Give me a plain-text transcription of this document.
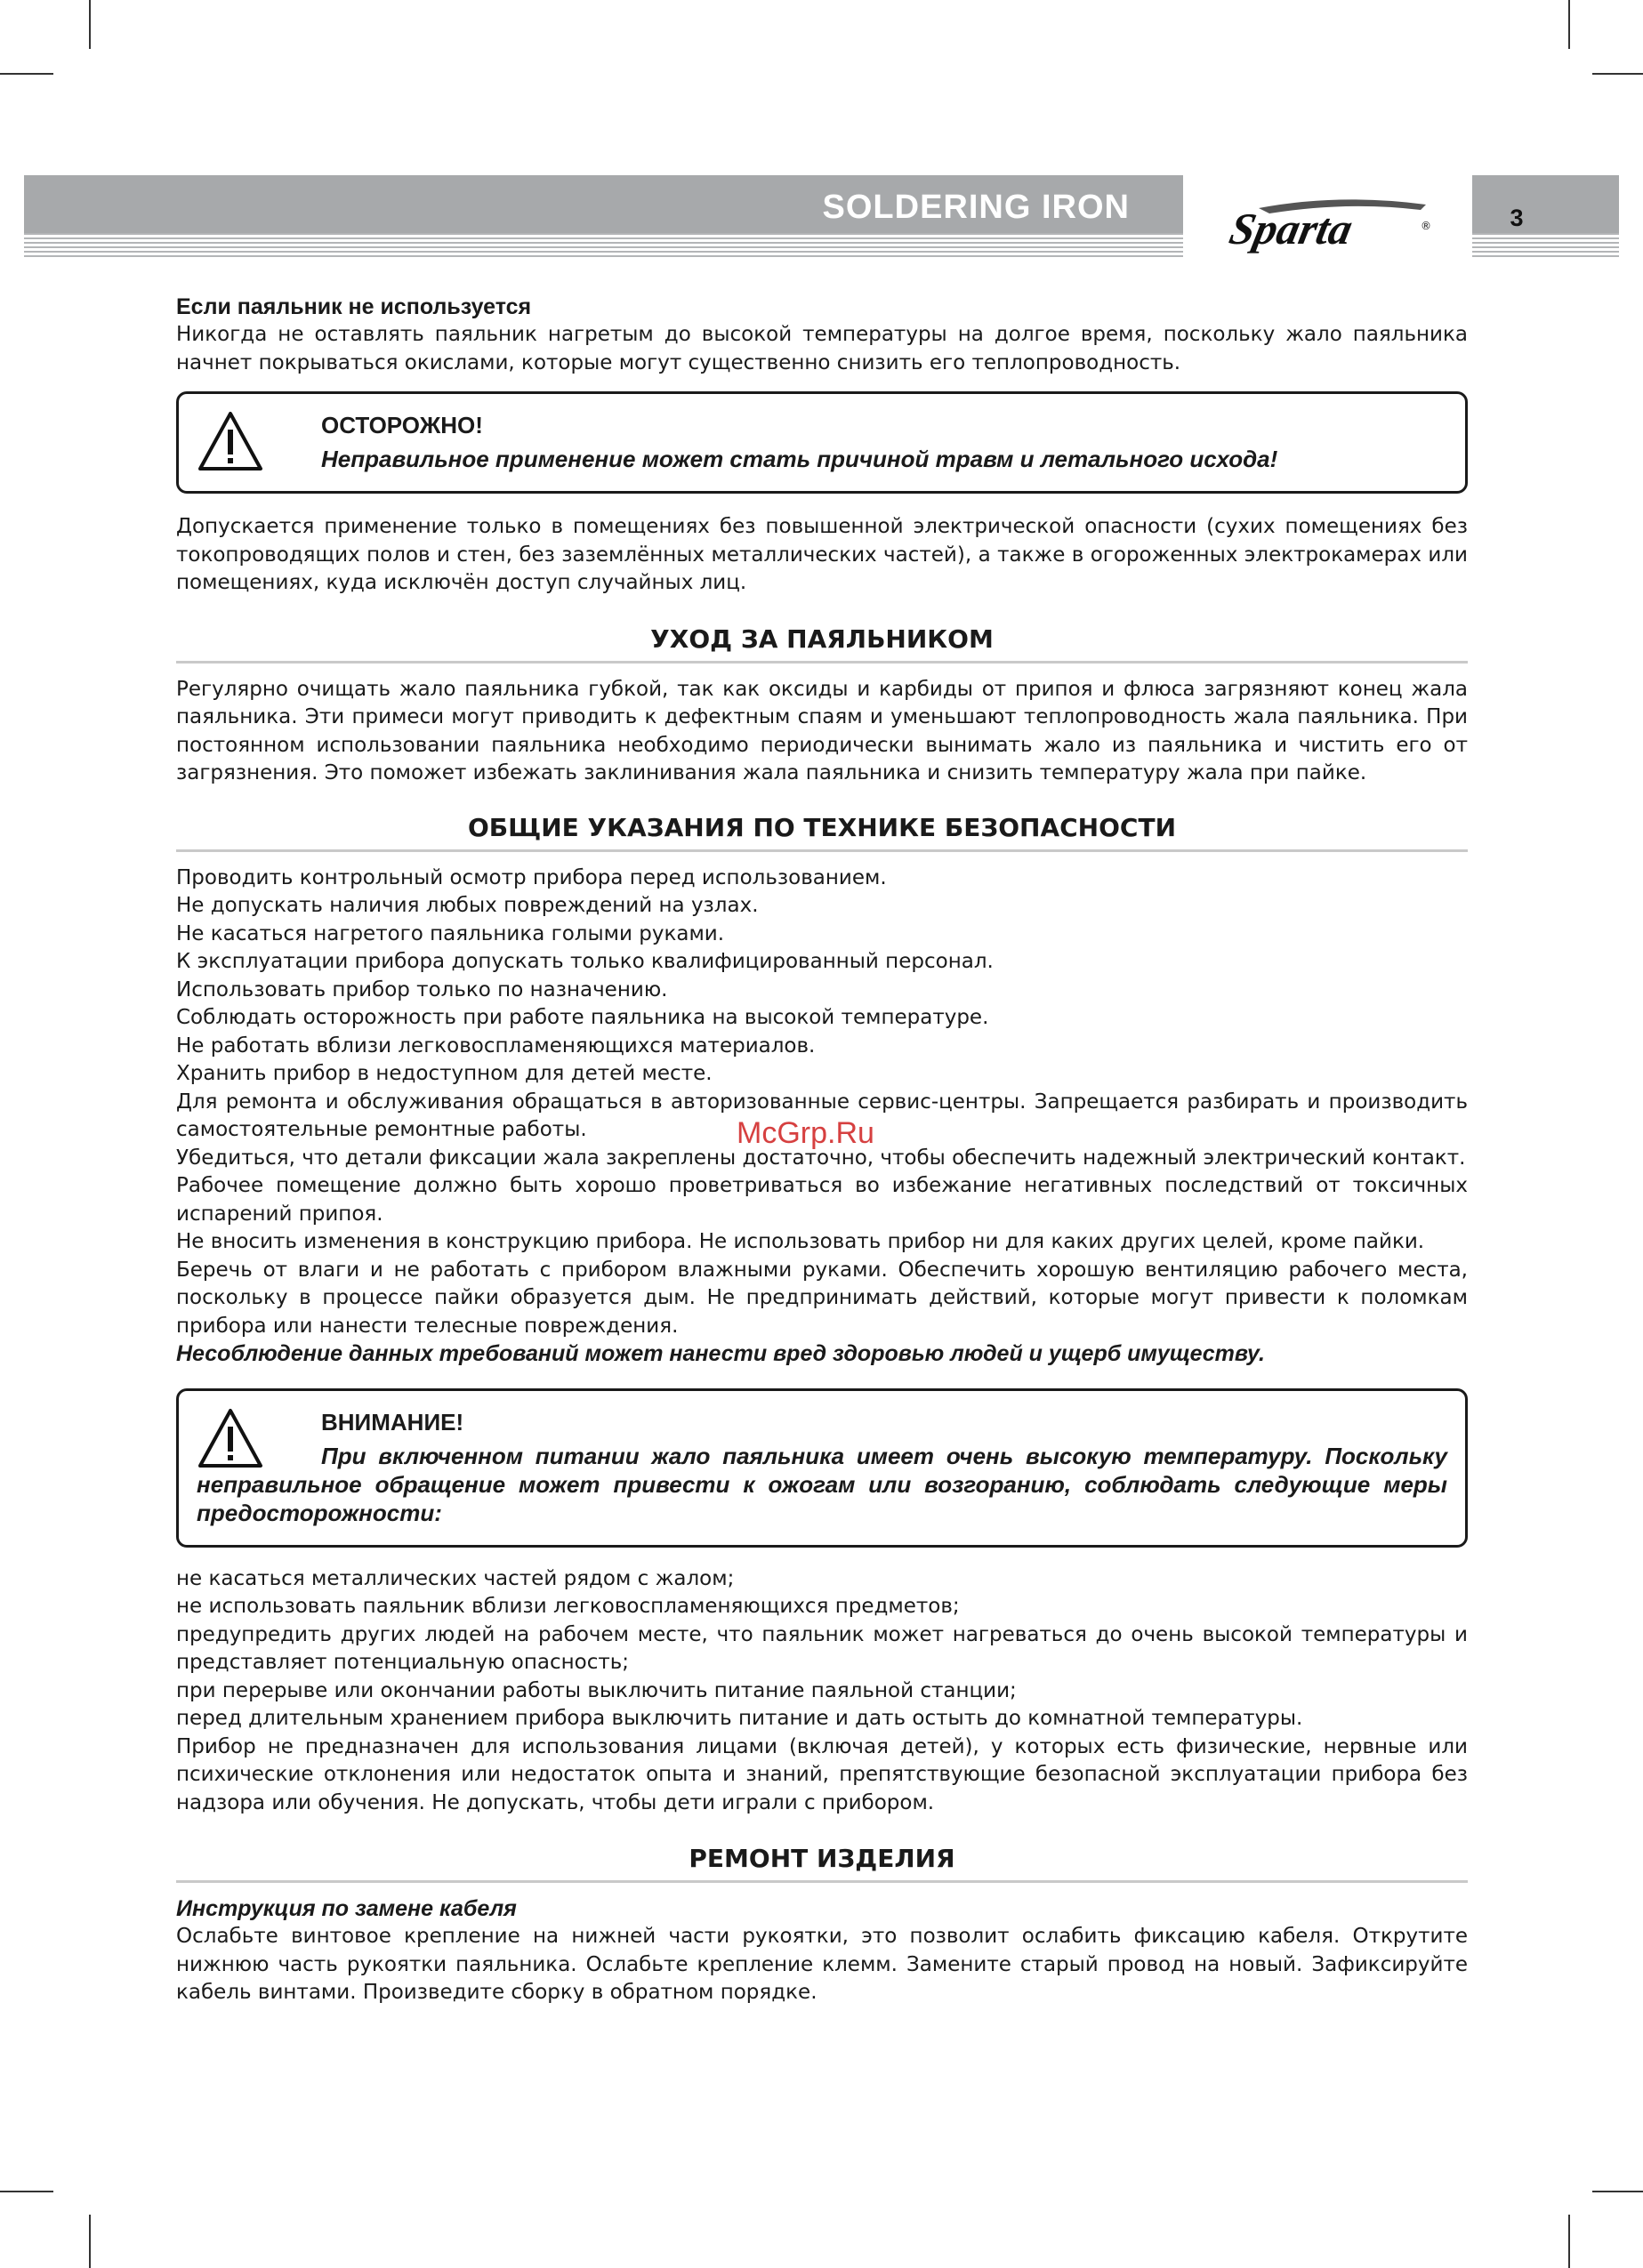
SOLDERING IRON	3
Sparta	®
Если паяльник не используется

Никогда не оставлять паяльник нагретым до высокой температуры на долгое время, поскольку жало паяльника начнет покрываться окислами, которые могут существенно снизить его теплопроводность.

ОСТОРОЖНО!
Неправильное применение может стать причиной травм и летального исхода!

Допускается применение только в помещениях без повышенной электрической опасности (сухих помещениях без токопроводящих полов и стен, без заземлённых металлических частей), а также в огороженных электрокамерах или помещениях, куда исключён доступ случайных лиц.

УХОД ЗА ПАЯЛЬНИКОМ

Регулярно очищать жало паяльника губкой, так как оксиды и карбиды от припоя и флюса загрязняют конец жала паяльника. Эти примеси могут приводить к дефектным спаям и уменьшают теплопроводность жала паяльника. При постоянном использовании паяльника необходимо периодически вынимать жало из паяльника и чистить его от загрязнения. Это поможет избежать заклинивания жала паяльника и снизить температуру жала при пайке.

ОБЩИЕ УКАЗАНИЯ ПО ТЕХНИКЕ БЕЗОПАСНОСТИ

Проводить контрольный осмотр прибора перед использованием.

Не допускать наличия любых повреждений на узлах.

Не касаться нагретого паяльника голыми руками.

К эксплуатации прибора допускать только квалифицированный персонал.

Использовать прибор только по назначению.

Соблюдать осторожность при работе паяльника на высокой температуре.

Не работать вблизи легковоспламеняющихся материалов.

Хранить прибор в недоступном для детей месте.

Для ремонта и обслуживания обращаться в авторизованные сервис-центры. Запрещается разбирать и производить самостоятельные ремонтные работы.

Убедиться, что детали фиксации жала закреплены достаточно, чтобы обеспечить надежный электрический контакт.

Рабочее помещение должно быть хорошо проветриваться во избежание негативных последствий от токсичных испарений припоя.

Не вносить изменения в конструкцию прибора. Не использовать прибор ни для каких других целей, кроме пайки.

Беречь от влаги и не работать с прибором влажными руками. Обеспечить хорошую вентиляцию рабочего места, поскольку в процессе пайки образуется дым. Не предпринимать действий, которые могут привести к поломкам прибора или нанести телесные повреждения.

Несоблюдение данных требований может нанести вред здоровью людей и ущерб имуществу.

ВНИМАНИЕ!
При включенном питании жало паяльника имеет очень высокую температуру. Поскольку неправильное обращение может привести к ожогам или возгоранию, соблюдать следующие меры предосторожности:

не касаться металлических частей рядом с жалом;

не использовать паяльник вблизи легковоспламеняющихся предметов;

предупредить других людей на рабочем месте, что паяльник может нагреваться до очень высокой температуры и представляет потенциальную опасность;

при перерыве или окончании работы выключить питание паяльной станции;

перед длительным хранением прибора выключить питание и дать остыть до комнатной температуры.

Прибор не предназначен для использования лицами (включая детей), у которых есть физические, нервные или психические отклонения или недостаток опыта и знаний, препятствующие безопасной эксплуатации прибора без надзора или обучения. Не допускать, чтобы дети играли с прибором.

РЕМОНТ ИЗДЕЛИЯ
Инструкция по замене кабеля

Ослабьте винтовое крепление на нижней части рукоятки, это позволит ослабить фиксацию кабеля. Открутите нижнюю часть рукоятки паяльника. Ослабьте крепление клемм. Замените старый провод на новый. Зафиксируйте кабель винтами. Произведите сборку в обратном порядке.

McGrp.Ru
